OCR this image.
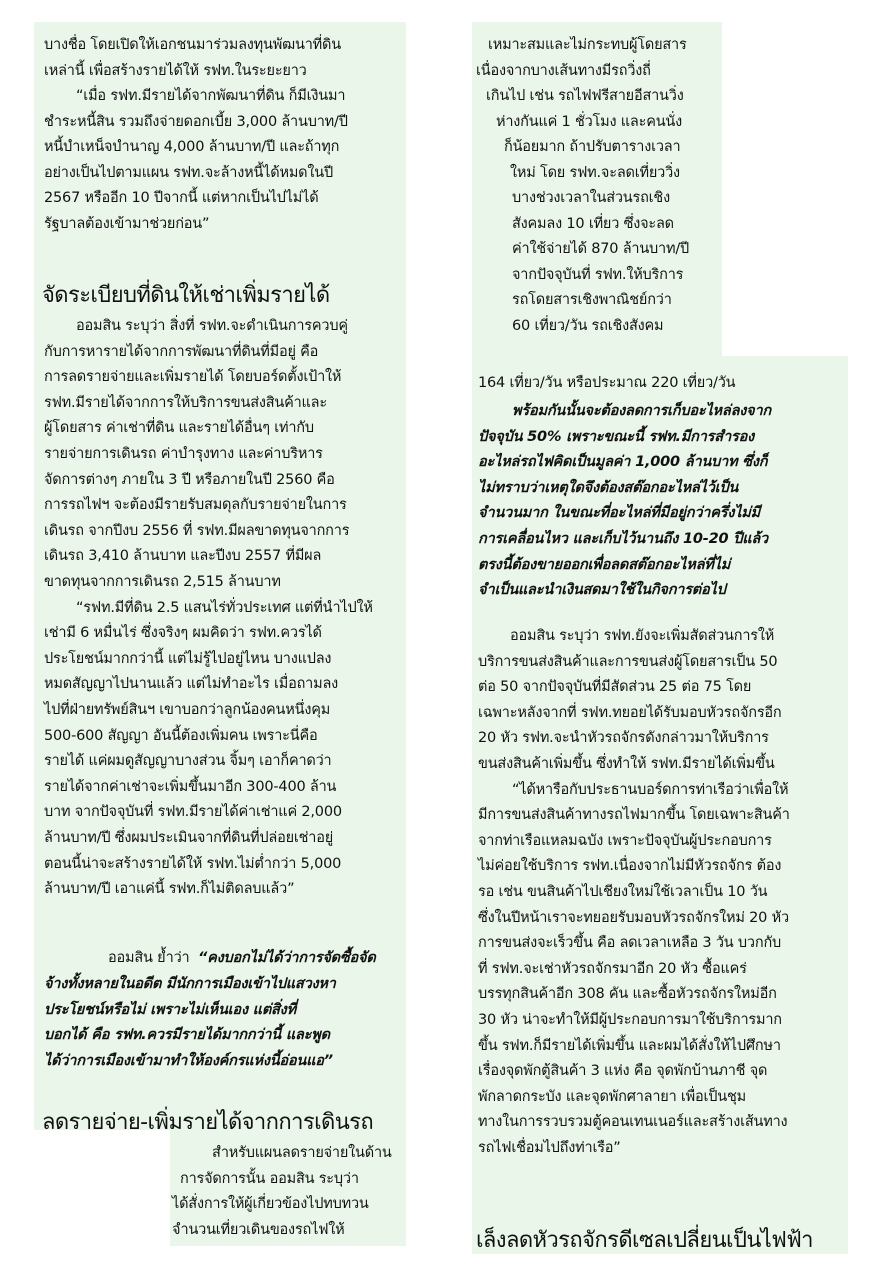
บางชื่อ โดยเปิดให้เอกชนมาร่วมลงทุนพัฒนาที่ดิน

เหล่านี้ เพื่อสร้างรายได้ให้ รฟท.ในระยะยาว

“เมื่อ รฟท.มีรายได้จากพัฒนาที่ดิน ก็มีเงินมา

ชำระหนี้สิน รวมถึงจ่ายดอกเบี้ย 3,000 ล้านบาท/ปี

หนี้บำเหน็จบำนาญ 4,000 ล้านบาท/ปี และถ้าทุก

อย่างเป็นไปตามแผน รฟท.จะล้างหนี้ได้หมดในปี

2567 หรืออีก 10 ปีจากนี้ แต่หากเป็นไปไม่ได้

รัฐบาลต้องเข้ามาช่วยก่อน”

จัดระเบียบที่ดินให้เช่าเพิ่มรายได้

ออมสิน ระบุว่า สิ่งที่ รฟท.จะดำเนินการควบคู่

กับการหารายได้จากการพัฒนาที่ดินที่มีอยู่ คือ

การลดรายจ่ายและเพิ่มรายได้ โดยบอร์ดตั้งเป้าให้

รฟท.มีรายได้จากการให้บริการขนส่งสินค้าและ

ผู้โดยสาร ค่าเช่าที่ดิน และรายได้อื่นๆ เท่ากับ

รายจ่ายการเดินรถ ค่าบำรุงทาง และค่าบริหาร

จัดการต่างๆ ภายใน 3 ปี หรือภายในปี 2560 คือ

การรถไฟฯ จะต้องมีรายรับสมดุลกับรายจ่ายในการ

เดินรถ จากปีงบ 2556 ที่ รฟท.มีผลขาดทุนจากการ

เดินรถ 3,410 ล้านบาท และปีงบ 2557 ที่มีผล

ขาดทุนจากการเดินรถ 2,515 ล้านบาท

“รฟท.มีที่ดิน 2.5 แสนไร่ทั่วประเทศ แต่ที่นำไปให้

เช่ามี 6 หมื่นไร่ ซึ่งจริงๆ ผมคิดว่า รฟท.ควรได้

ประโยชน์มากกว่านี้ แต่ไม่รู้ไปอยู่ไหน บางแปลง

หมดสัญญาไปนานแล้ว แต่ไม่ทำอะไร เมื่อถามลง

ไปที่ฝ่ายทรัพย์สินฯ เขาบอกว่าลูกน้องคนหนึ่งคุม

500-600 สัญญา อันนี้ต้องเพิ่มคน เพราะนี่คือ

รายได้ แค่ผมดูสัญญาบางส่วน จิ้มๆ เอาก็คาดว่า

รายได้จากค่าเช่าจะเพิ่มขึ้นมาอีก 300-400 ล้าน

บาท จากปัจจุบันที่ รฟท.มีรายได้ค่าเช่าแค่ 2,000

ล้านบาท/ปี ซึ่งผมประเมินจากที่ดินที่ปล่อยเช่าอยู่

ตอนนี้น่าจะสร้างรายได้ให้ รฟท.ไม่ต่ำกว่า 5,000

ล้านบาท/ปี เอาแค่นี้ รฟท.ก็ไม่ติดลบแล้ว”

ออมสิน ย้ำว่า “คงบอกไม่ได้ว่าการจัดซื้อจัด

จ้างทั้งหลายในอดีต มีนักการเมืองเข้าไปแสวงหา

ประโยชน์หรือไม่ เพราะไม่เห็นเอง แต่สิ่งที่

บอกได้ คือ รฟท.ควรมีรายได้มากกว่านี้ และพูด

ได้ว่าการเมืองเข้ามาทำให้องค์กรแห่งนี้อ่อนแอ”

ลดรายจ่าย-เพิ่มรายได้จากการเดินรถ

สำหรับแผนลดรายจ่ายในด้าน

การจัดการนั้น ออมสิน ระบุว่า

ได้สั่งการให้ผู้เกี่ยวข้องไปทบทวน

จำนวนเที่ยวเดินของรถไฟให้

เหมาะสมและไม่กระทบผู้โดยสาร

เนื่องจากบางเส้นทางมีรถวิ่งถี่

เกินไป เช่น รถไฟฟรีสายอีสานวิ่ง

ห่างกันแค่ 1 ชั่วโมง และคนนั่ง

ก็น้อยมาก ถ้าปรับตารางเวลา

ใหม่ โดย รฟท.จะลดเที่ยววิ่ง

บางช่วงเวลาในส่วนรถเชิง

สังคมลง 10 เที่ยว ซึ่งจะลด

ค่าใช้จ่ายได้ 870 ล้านบาท/ปี

จากปัจจุบันที่ รฟท.ให้บริการ

รถโดยสารเชิงพาณิชย์กว่า

60 เที่ยว/วัน รถเชิงสังคม

164 เที่ยว/วัน หรือประมาณ 220 เที่ยว/วัน

พร้อมกันนั้นจะต้องลดการเก็บอะไหล่ลงจาก

ปัจจุบัน 50% เพราะขณะนี้ รฟท.มีการสำรอง

อะไหล่รถไฟคิดเป็นมูลค่า 1,000 ล้านบาท ซึ่งก็

ไม่ทราบว่าเหตุใดจึงต้องสต๊อกอะไหล่ไว้เป็น

จำนวนมาก ในขณะที่อะไหล่ที่มีอยู่กว่าครึ่งไม่มี

การเคลื่อนไหว และเก็บไว้นานถึง 10-20 ปีแล้ว

ตรงนี้ต้องขายออกเพื่อลดสต๊อกอะไหล่ที่ไม่

จำเป็นและนำเงินสดมาใช้ในกิจการต่อไป

ออมสิน ระบุว่า รฟท.ยังจะเพิ่มสัดส่วนการให้

บริการขนส่งสินค้าและการขนส่งผู้โดยสารเป็น 50

ต่อ 50 จากปัจจุบันที่มีสัดส่วน 25 ต่อ 75 โดย

เฉพาะหลังจากที่ รฟท.ทยอยได้รับมอบหัวรถจักรอีก

20 หัว รฟท.จะนำหัวรถจักรดังกล่าวมาให้บริการ

ขนส่งสินค้าเพิ่มขึ้น ซึ่งทำให้ รฟท.มีรายได้เพิ่มขึ้น

“ได้หารือกับประธานบอร์ดการท่าเรือว่าเพื่อให้

มีการขนส่งสินค้าทางรถไฟมากขึ้น โดยเฉพาะสินค้า

จากท่าเรือแหลมฉบัง เพราะปัจจุบันผู้ประกอบการ

ไม่ค่อยใช้บริการ รฟท.เนื่องจากไม่มีหัวรถจักร ต้อง

รอ เช่น ขนสินค้าไปเชียงใหม่ใช้เวลาเป็น 10 วัน

ซึ่งในปีหน้าเราจะทยอยรับมอบหัวรถจักรใหม่ 20 หัว

การขนส่งจะเร็วขึ้น คือ ลดเวลาเหลือ 3 วัน บวกกับ

ที่ รฟท.จะเช่าหัวรถจักรมาอีก 20 หัว ซื้อแคร่

บรรทุกสินค้าอีก 308 คัน และซื้อหัวรถจักรใหม่อีก

30 หัว น่าจะทำให้มีผู้ประกอบการมาใช้บริการมาก

ขึ้น รฟท.ก็มีรายได้เพิ่มขึ้น และผมได้สั่งให้ไปศึกษา

เรื่องจุดพักตู้สินค้า 3 แห่ง คือ จุดพักบ้านภาชี จุด

พักลาดกระบัง และจุดพักศาลายา เพื่อเป็นชุม

ทางในการรวบรวมตู้คอนเทนเนอร์และสร้างเส้นทาง

รถไฟเชื่อมไปถึงท่าเรือ”

เล็งลดหัวรถจักรดีเซลเปลี่ยนเป็นไฟฟ้า
